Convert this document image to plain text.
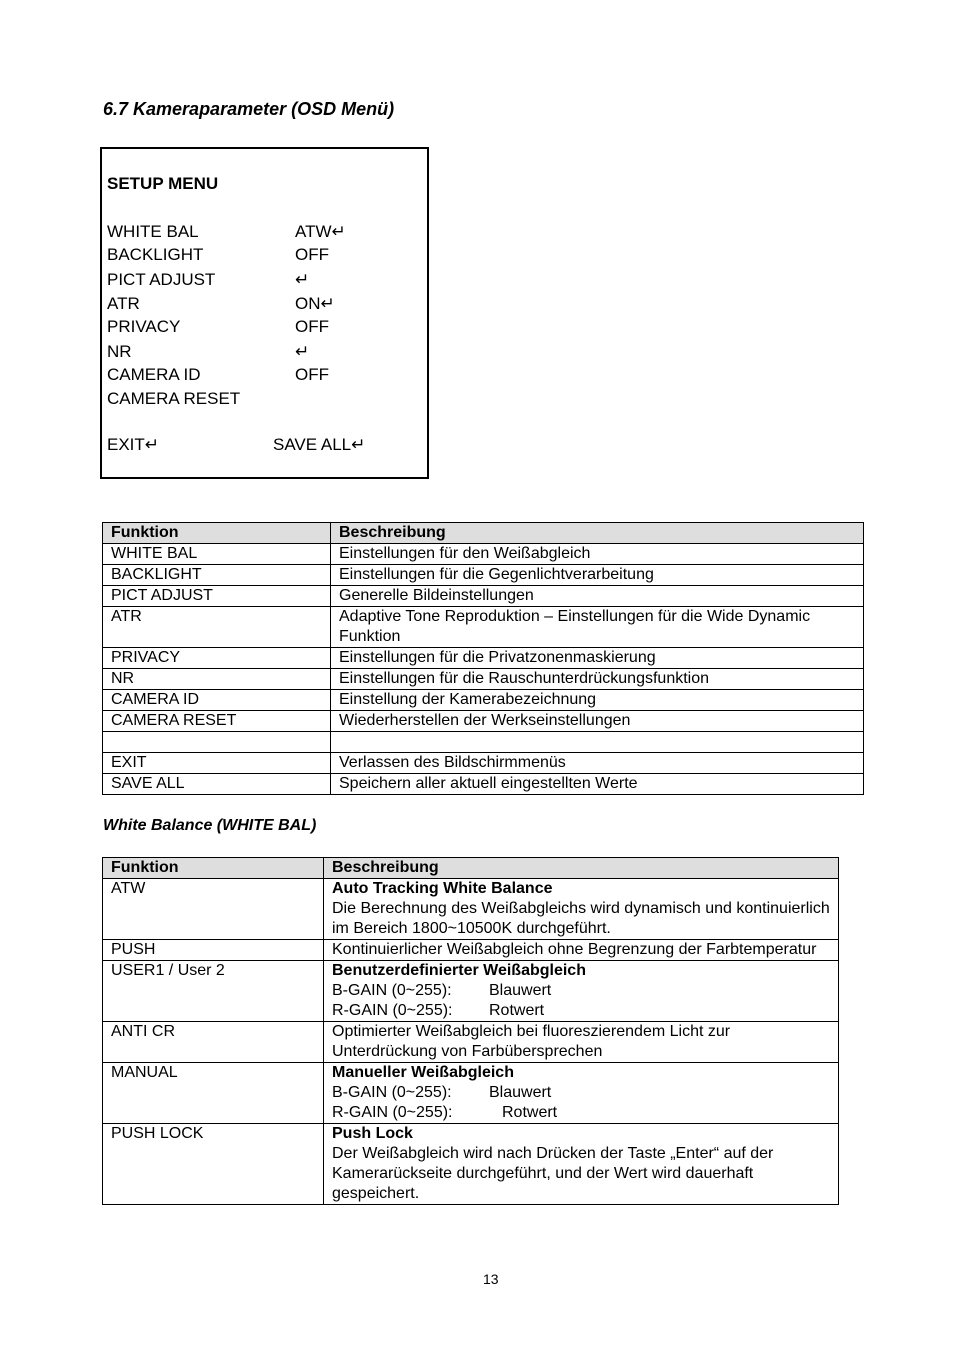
6.7 Kameraparameter (OSD Menü)
SETUP MENU
WHITE BAL	ATW↵
BACKLIGHT	OFF
PICT ADJUST	↵
ATR	ON↵
PRIVACY	OFF
NR	↵
CAMERA ID	OFF
CAMERA RESET
EXIT↵	SAVE ALL↵
Funktion	Beschreibung
WHITE BAL	Einstellungen für den Weißabgleich
BACKLIGHT	Einstellungen für die Gegenlichtverarbeitung
PICT ADJUST	Generelle Bildeinstellungen
ATR	Adaptive Tone Reproduktion – Einstellungen für die Wide Dynamic Funktion
PRIVACY	Einstellungen für die Privatzonenmaskierung
NR	Einstellungen für die Rauschunterdrückungsfunktion
CAMERA ID	Einstellung der Kamerabezeichnung
CAMERA RESET	Wiederherstellen der Werkseinstellungen

EXIT	Verlassen des Bildschirmmenüs
SAVE ALL	Speichern aller aktuell eingestellten Werte
White Balance (WHITE BAL)
Funktion	Beschreibung
ATW	Auto Tracking White Balance
Die Berechnung des Weißabgleichs wird dynamisch und kontinuierlich im Bereich 1800~10500K durchgeführt.

PUSH	Kontinuierlicher Weißabgleich ohne Begrenzung der Farbtemperatur

USER1 / User 2	Benutzerdefinierter Weißabgleich
B-GAIN (0~255): Blauwert
R-GAIN (0~255): Rotwert

ANTI CR	Optimierter Weißabgleich bei fluoreszierendem Licht zur Unterdrückung von Farbübersprechen

MANUAL	Manueller Weißabgleich
B-GAIN (0~255): Blauwert
R-GAIN (0~255): Rotwert

PUSH LOCK	Push Lock
Der Weißabgleich wird nach Drücken der Taste „Enter“ auf der Kamerarückseite durchgeführt, und der Wert wird dauerhaft gespeichert.
13
